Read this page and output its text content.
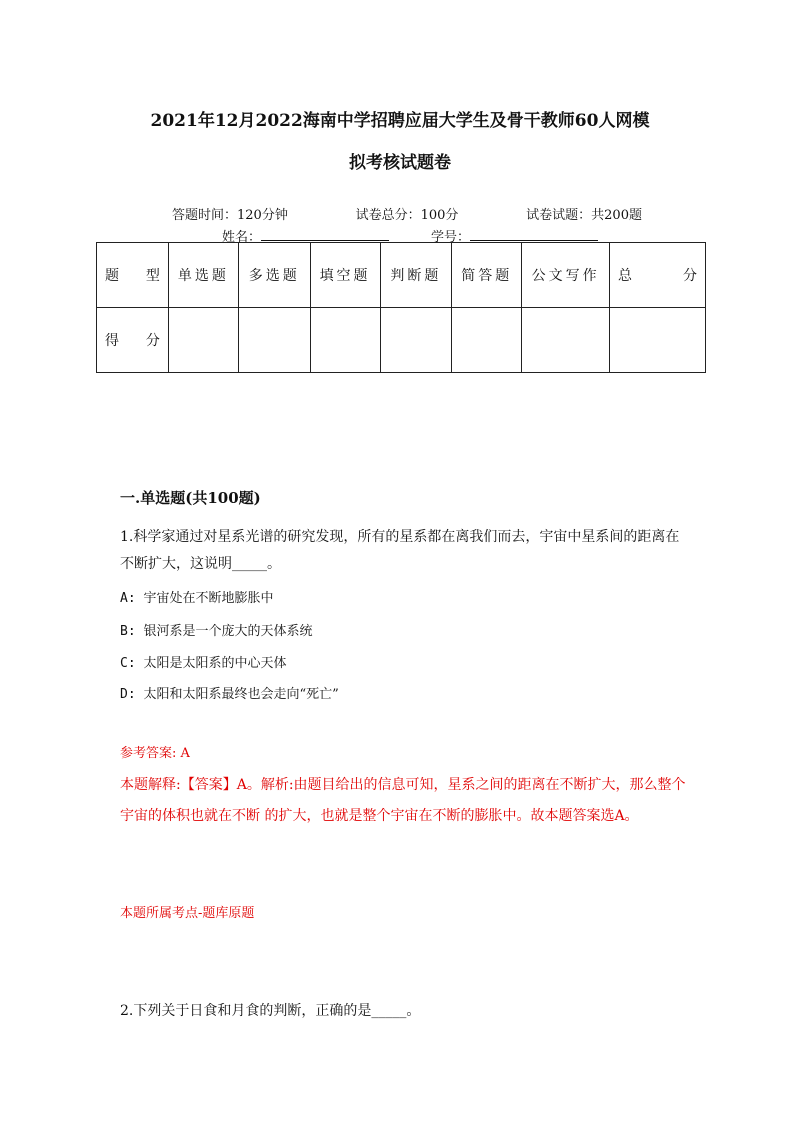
2021年12月2022海南中学招聘应届大学生及骨干教师60人网模
拟考核试题卷
答题时间：120分钟	试卷总分：100分	试卷试题：共200题
姓名：	学号：
题 型	单选题	多选题	填空题	判断题	简答题	公文写作	总 分

得 分							

一.单选题(共100题)
1.科学家通过对星系光谱的研究发现，所有的星系都在离我们而去，宇宙中星系间的距离在不断扩大，这说明_____。
A: 宇宙处在不断地膨胀中
B: 银河系是一个庞大的天体系统
C: 太阳是太阳系的中心天体
D: 太阳和太阳系最终也会走向“死亡”
参考答案: A
本题解释:【答案】A。解析:由题目给出的信息可知，星系之间的距离在不断扩大，那么整个宇宙的体积也就在不断 的扩大，也就是整个宇宙在不断的膨胀中。故本题答案选A。
本题所属考点-题库原题
2.下列关于日食和月食的判断，正确的是_____。
